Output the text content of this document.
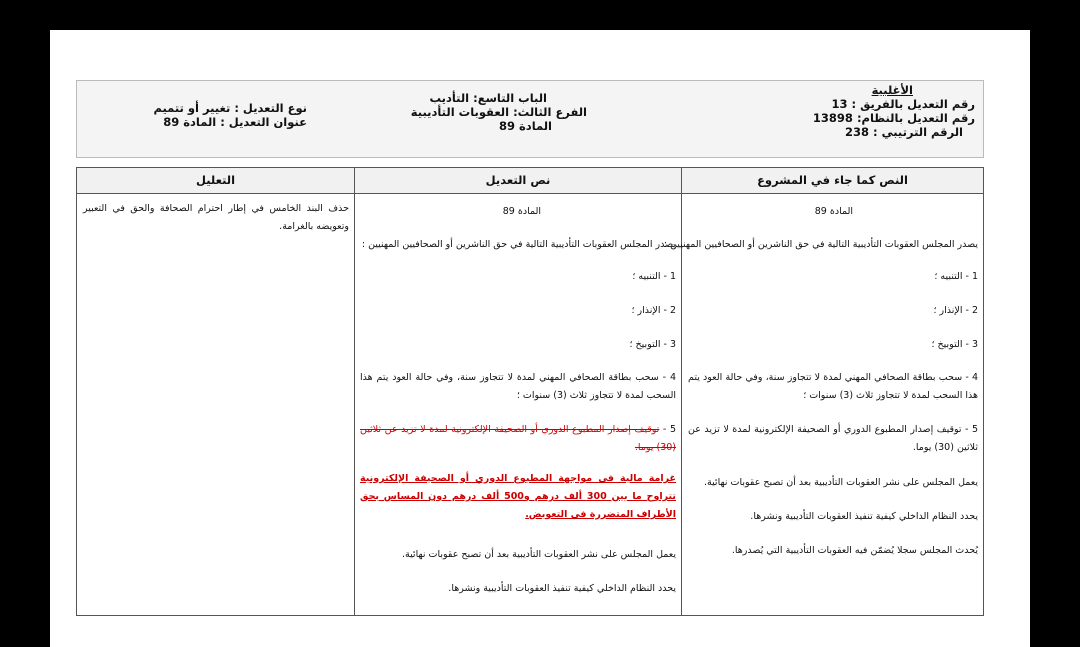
نوع التعديل : تغيير أو تتميم
عنوان التعديل : المادة 89
الباب التاسع: التأديب
الفرع الثالث: العقوبات التأديبية
المادة 89
الأغلبية
رقم التعديل بالفريق : 13
رقم التعديل بالنظام: 13898
الرقم الترتيبي : 238
النص كما جاء في المشروع
المادة 89
يصدر المجلس العقوبات التأديبية التالية في حق الناشرين أو الصحافيين المهنيين :
1 - التنبيه ؛
2 - الإنذار ؛
3 - التوبيخ ؛
4 - سحب بطاقة الصحافي المهني لمدة لا تتجاوز سنة، وفي حالة العود يتم هذا السحب لمدة لا تتجاوز ثلاث (3) سنوات ؛
5 - توقيف إصدار المطبوع الدوري أو الصحيفة الإلكترونية لمدة لا تزيد عن ثلاثين (30) يوما.
يعمل المجلس على نشر العقوبات التأديبية بعد أن تصبح عقوبات نهائية.
يحدد النظام الداخلي كيفية تنفيذ العقوبات التأديبية ونشرها.
يُحدث المجلس سجلا يُضمّن فيه العقوبات التأديبية التي يُصدرها.
نص التعديل
المادة 89
يصدر المجلس العقوبات التأديبية التالية في حق الناشرين أو الصحافيين المهنيين :
1 - التنبيه ؛
2 - الإنذار ؛
3 - التوبيخ ؛
4 - سحب بطاقة الصحافي المهني لمدة لا تتجاوز سنة، وفي حالة العود يتم هذا السحب لمدة لا تتجاوز ثلاث (3) سنوات ؛
5 - توقيف إصدار المطبوع الدوري أو الصحيفة الإلكترونية لمدة لا تزيد عن ثلاثين (30) يوما.
غرامة مالية في مواجهة المطبوع الدوري أو الصحيفة الإلكترونية تتراوح ما بين 300 ألف درهم و500 ألف درهم دون المساس بحق الأطراف المتضررة في التعويض.
يعمل المجلس على نشر العقوبات التأديبية بعد أن تصبح عقوبات نهائية.
يحدد النظام الداخلي كيفية تنفيذ العقوبات التأديبية ونشرها.
التعليل
حذف البند الخامس في إطار احترام الصحافة والحق في التعبير وتعويضه بالغرامة.
